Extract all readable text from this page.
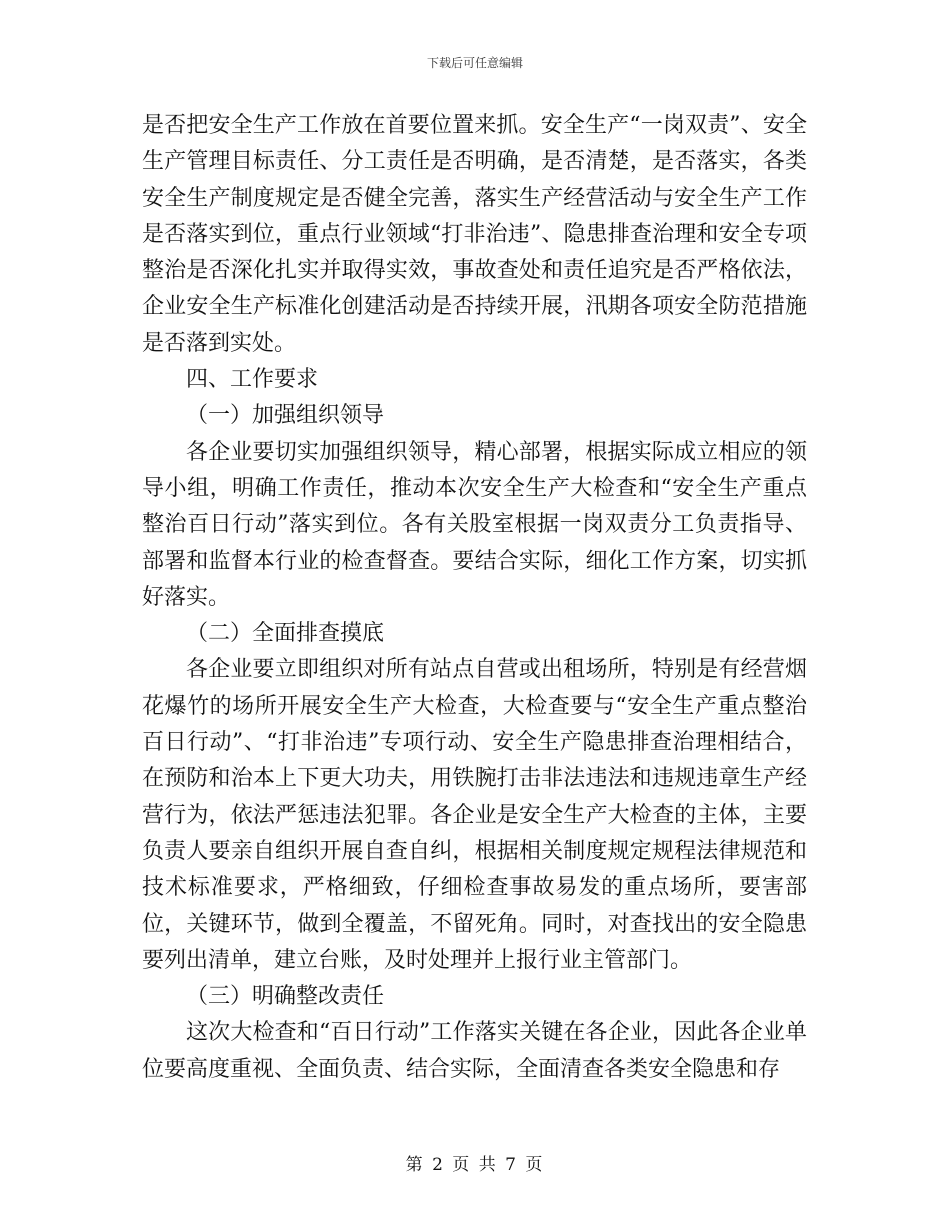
下载后可任意编辑

是否把安全生产工作放在首要位置来抓。安全生产“一岗双责”、安全生产管理目标责任、分工责任是否明确，是否清楚，是否落实，各类安全生产制度规定是否健全完善，落实生产经营活动与安全生产工作是否落实到位，重点行业领域“打非治违”、隐患排查治理和安全专项整治是否深化扎实并取得实效，事故查处和责任追究是否严格依法，企业安全生产标准化创建活动是否持续开展，汛期各项安全防范措施是否落到实处。

四、工作要求

（一）加强组织领导

各企业要切实加强组织领导，精心部署，根据实际成立相应的领导小组，明确工作责任，推动本次安全生产大检查和“安全生产重点整治百日行动”落实到位。各有关股室根据一岗双责分工负责指导、部署和监督本行业的检查督查。要结合实际，细化工作方案，切实抓好落实。

（二）全面排查摸底

各企业要立即组织对所有站点自营或出租场所，特别是有经营烟花爆竹的场所开展安全生产大检查，大检查要与“安全生产重点整治百日行动”、“打非治违”专项行动、安全生产隐患排查治理相结合，在预防和治本上下更大功夫，用铁腕打击非法违法和违规违章生产经营行为，依法严惩违法犯罪。各企业是安全生产大检查的主体，主要负责人要亲自组织开展自查自纠，根据相关制度规定规程法律规范和技术标准要求，严格细致，仔细检查事故易发的重点场所，要害部位，关键环节，做到全覆盖，不留死角。同时，对查找出的安全隐患要列出清单，建立台账，及时处理并上报行业主管部门。

（三）明确整改责任

这次大检查和“百日行动”工作落实关键在各企业，因此各企业单位要高度重视、全面负责、结合实际，全面清查各类安全隐患和存

第 2 页 共 7 页
